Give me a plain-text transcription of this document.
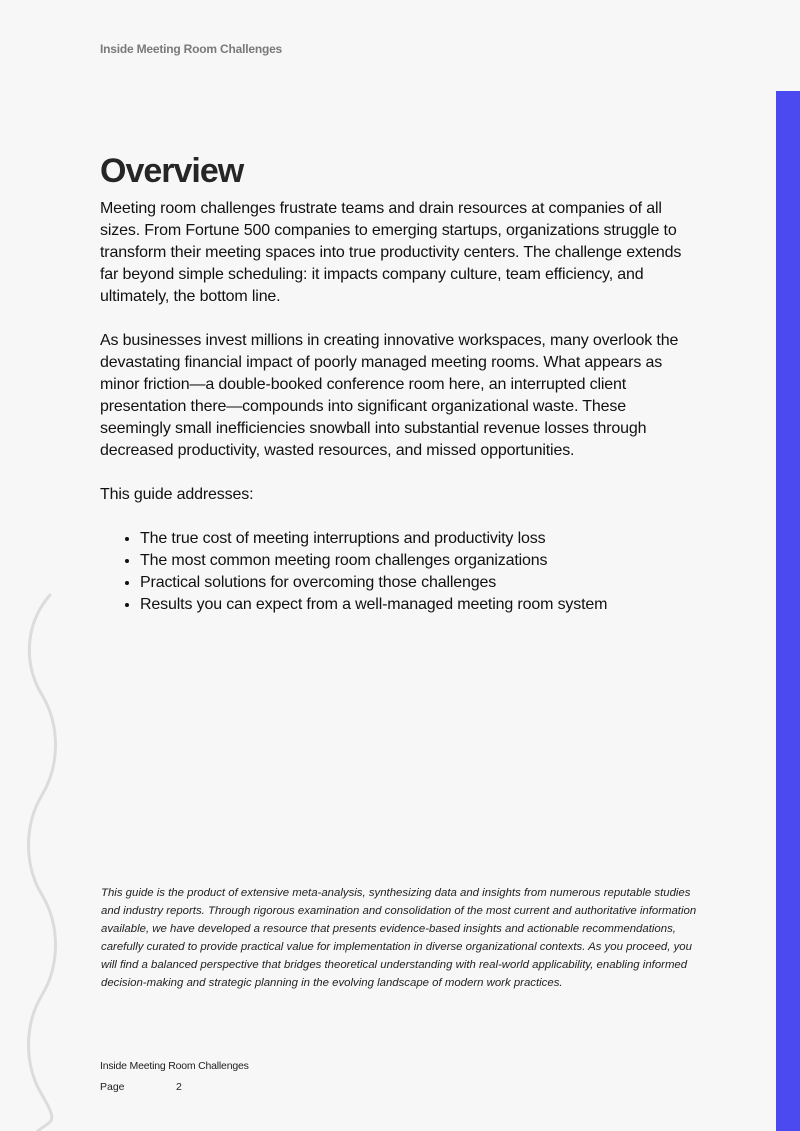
Inside Meeting Room Challenges
Overview

Meeting room challenges frustrate teams and drain resources at companies of all sizes. From Fortune 500 companies to emerging startups, organizations struggle to transform their meeting spaces into true productivity centers. The challenge extends far beyond simple scheduling: it impacts company culture, team efficiency, and ultimately, the bottom line.

As businesses invest millions in creating innovative workspaces, many overlook the devastating financial impact of poorly managed meeting rooms. What appears as minor friction—a double-booked conference room here, an interrupted client presentation there—compounds into significant organizational waste. These seemingly small inefficiencies snowball into substantial revenue losses through decreased productivity, wasted resources, and missed opportunities.

This guide addresses:

• The true cost of meeting interruptions and productivity loss
• The most common meeting room challenges organizations
• Practical solutions for overcoming those challenges
• Results you can expect from a well-managed meeting room system
This guide is the product of extensive meta-analysis, synthesizing data and insights from numerous reputable studies and industry reports. Through rigorous examination and consolidation of the most current and authoritative information available, we have developed a resource that presents evidence-based insights and actionable recommendations, carefully curated to provide practical value for implementation in diverse organizational contexts. As you proceed, you will find a balanced perspective that bridges theoretical understanding with real-world applicability, enabling informed decision-making and strategic planning in the evolving landscape of modern work practices.
Inside Meeting Room Challenges
Page	2
